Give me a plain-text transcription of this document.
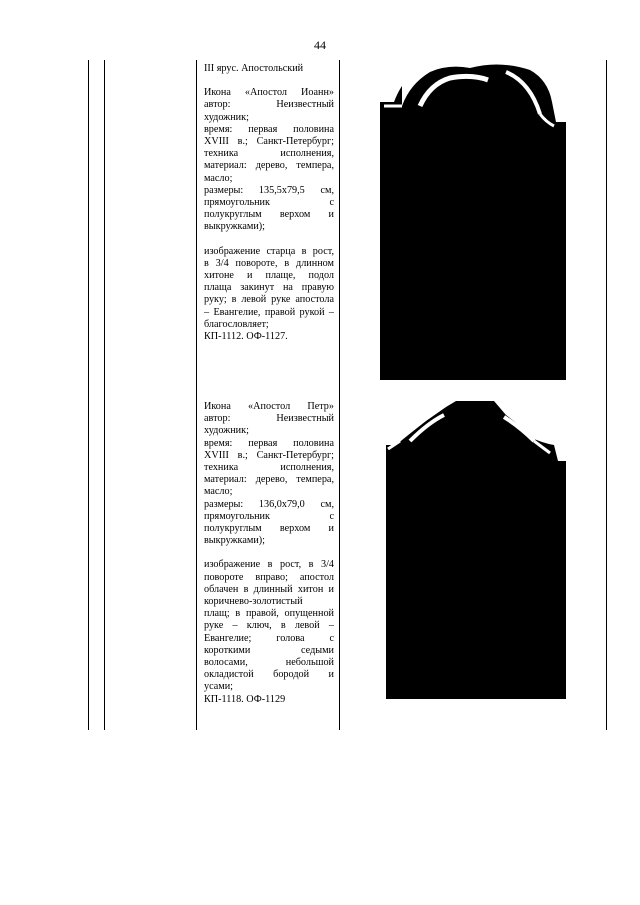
44
III ярус. Апостольский
Икона «Апостол Иоанн»
автор: Неизвестный
художник;
время: первая половина
XVIII в.; Санкт-Петербург;
техника исполнения,
материал: дерево, темпера,
масло;
размеры: 135,5х79,5 см,
прямоугольник с
полукруглым верхом и
выкружками);
изображение старца в рост,
в 3/4 повороте, в длинном
хитоне и плаще, подол
плаща закинут на правую
руку; в левой руке апостола
– Евангелие, правой рукой –
благословляет;
КП-1112. ОФ-1127.
Икона «Апостол Петр»
автор: Неизвестный
художник;
время: первая половина
XVIII в.; Санкт-Петербург;
техника исполнения,
материал: дерево, темпера,
масло;
размеры: 136,0х79,0 см,
прямоугольник с
полукруглым верхом и
выкружками);
изображение в рост, в 3/4
повороте вправо; апостол
облачен в длинный хитон и
коричнево-золотистый
плащ; в правой, опущенной
руке – ключ, в левой –
Евангелие; голова с
короткими седыми
волосами, небольшой
окладистой бородой и
усами;
КП-1118. ОФ-1129
